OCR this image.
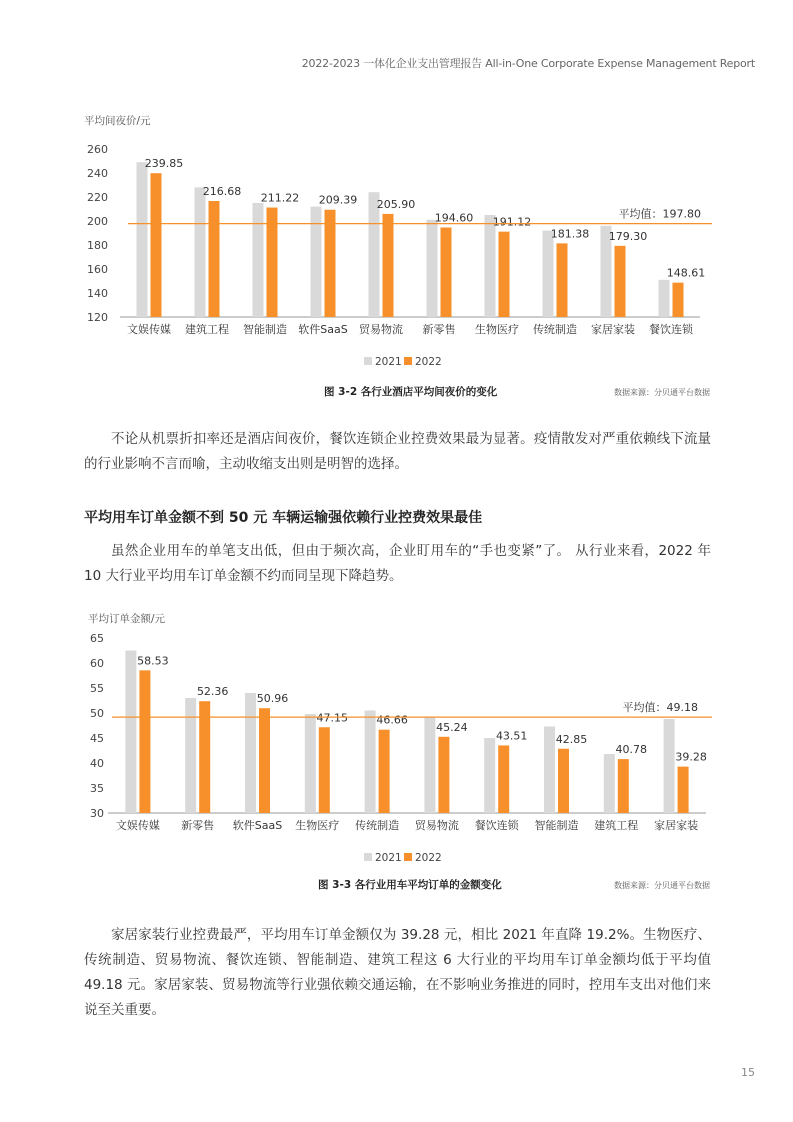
2022-2023 一体化企业支出管理报告 All-in-One Corporate Expense Management Report
平均间夜价/元
120
140
160
180
200
220
240
260
239.85
文娱传媒
216.68
建筑工程
211.22
智能制造
209.39
软件SaaS
205.90
贸易物流
194.60
新零售
191.12
生物医疗
181.38
传统制造
179.30
家居家装
148.61
餐饮连锁
平均值：197.80
2021 2022
图 3-2 各行业酒店平均间夜价的变化	数据来源：分贝通平台数据
不论从机票折扣率还是酒店间夜价，餐饮连锁企业控费效果最为显著。疫情散发对严重依赖线下流量的行业影响不言而喻，主动收缩支出则是明智的选择。
平均用车订单金额不到 50 元 车辆运输强依赖行业控费效果最佳
虽然企业用车的单笔支出低，但由于频次高，企业盯用车的“手也变紧”了。 从行业来看，2022 年 10 大行业平均用车订单金额不约而同呈现下降趋势。
平均订单金额/元
30
35
40
45
50
55
60
65
58.53
文娱传媒
52.36
新零售
50.96
软件SaaS
47.15
生物医疗
46.66
传统制造
45.24
贸易物流
43.51
餐饮连锁
42.85
智能制造
40.78
建筑工程
39.28
家居家装
平均值：49.18
2021 2022
图 3-3 各行业用车平均订单的金额变化	数据来源：分贝通平台数据
家居家装行业控费最严，平均用车订单金额仅为 39.28 元，相比 2021 年直降 19.2%。生物医疗、传统制造、贸易物流、餐饮连锁、智能制造、建筑工程这 6 大行业的平均用车订单金额均低于平均值 49.18 元。家居家装、贸易物流等行业强依赖交通运输，在不影响业务推进的同时，控用车支出对他们来说至关重要。
15
